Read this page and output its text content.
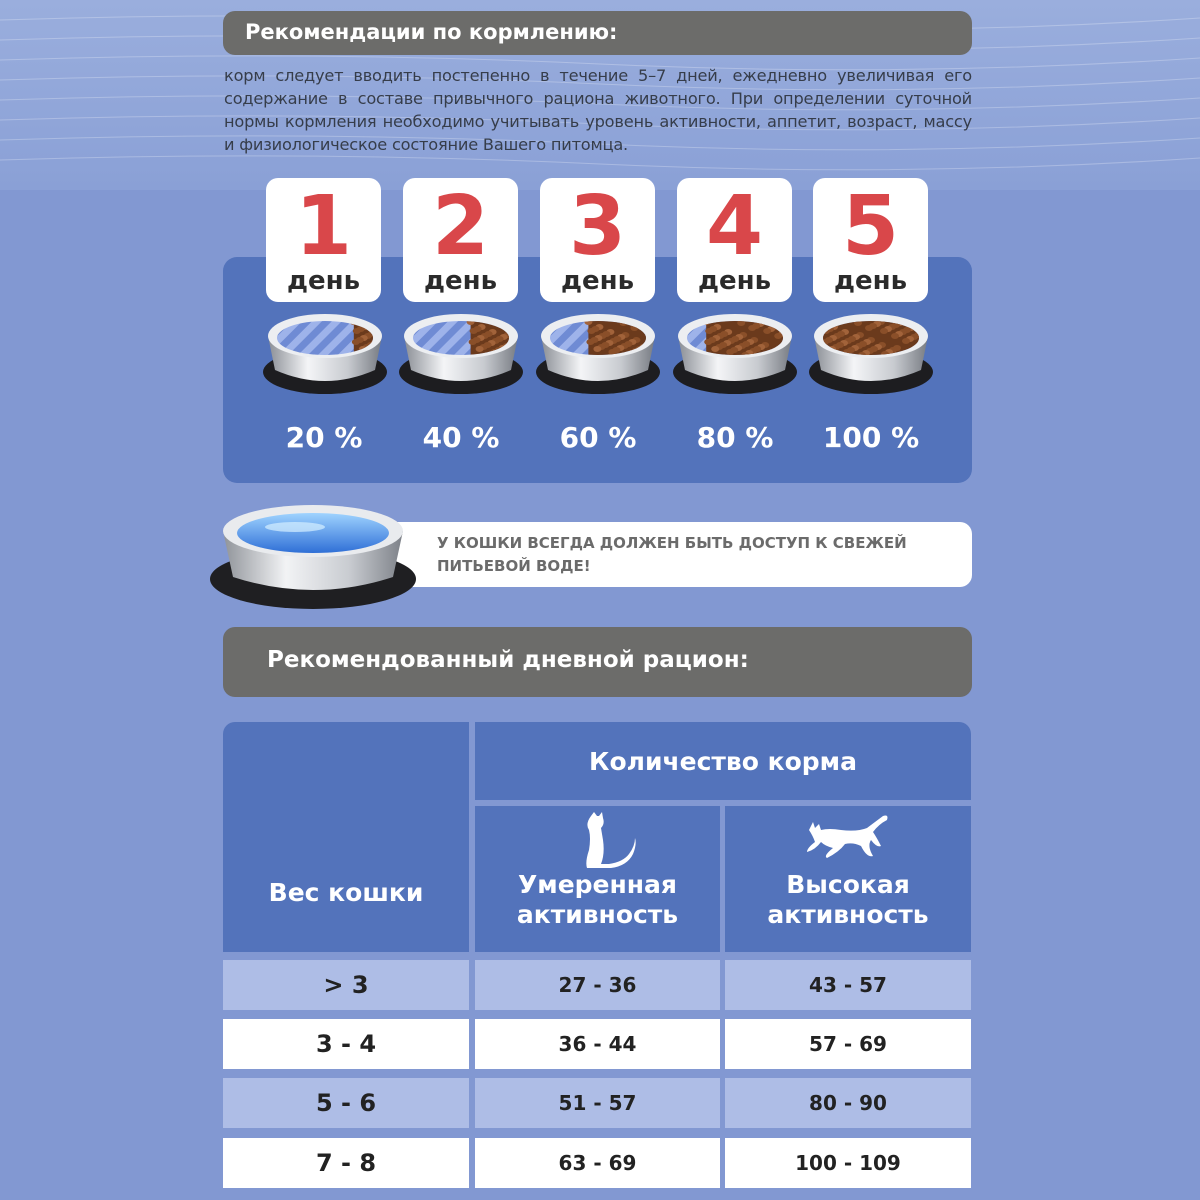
Рекомендации по кормлению:
корм следует вводить постепенно в течение 5–7 дней, ежедневно увеличивая его содержание в составе привычного рациона животного. При определении суточной нормы кормления необходимо учитывать уровень активности, аппетит, возраст, массу и физиологическое состояние Вашего питомца.
1
день
2
день
3
день
4
день
5
день
20 %	40 %	60 %	80 %	100 %
У КОШКИ ВСЕГДА ДОЛЖЕН БЫТЬ ДОСТУП К СВЕЖЕЙ ПИТЬЕВОЙ ВОДЕ!
Рекомендованный дневной рацион:
Вес кошки
Количество корма
Умеренная активность
Высокая активность
> 3	27 - 36	43 - 57
3 - 4	36 - 44	57 - 69
5 - 6	51 - 57	80 - 90
7 - 8	63 - 69	100 - 109
